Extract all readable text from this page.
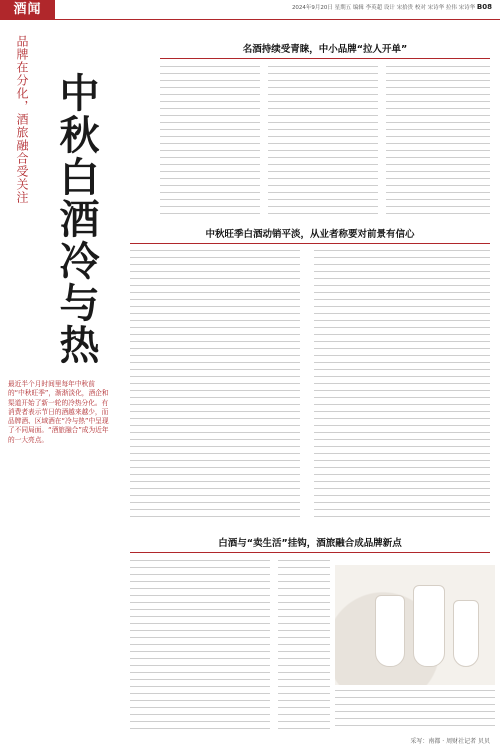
酒闻	2024年9月20日 星期五 编辑 李英超 设计 宋拾贵 校对 宋诗华 拉伟 宋诗华 B08
品牌在分化，酒旅融合受关注 中秋白酒冷与热
最近半个月时间里每年中秋前的“中秋旺季”，渐渐淡化，酒企和渠道开始了新一轮的冷热分化。有消费者表示节日的酒越来越少，而品牌酒、区域酒在“冷与热”中呈现了不同局面。“酒旅融合”成为近年的一大亮点。
名酒持续受青睐，中小品牌“拉人开单”
中秋旺季白酒动销平淡，从业者称要对前景有信心
白酒与“卖生活”挂钩，酒旅融合成品牌新点
采写：南都 · 周财社记者 贝贝
